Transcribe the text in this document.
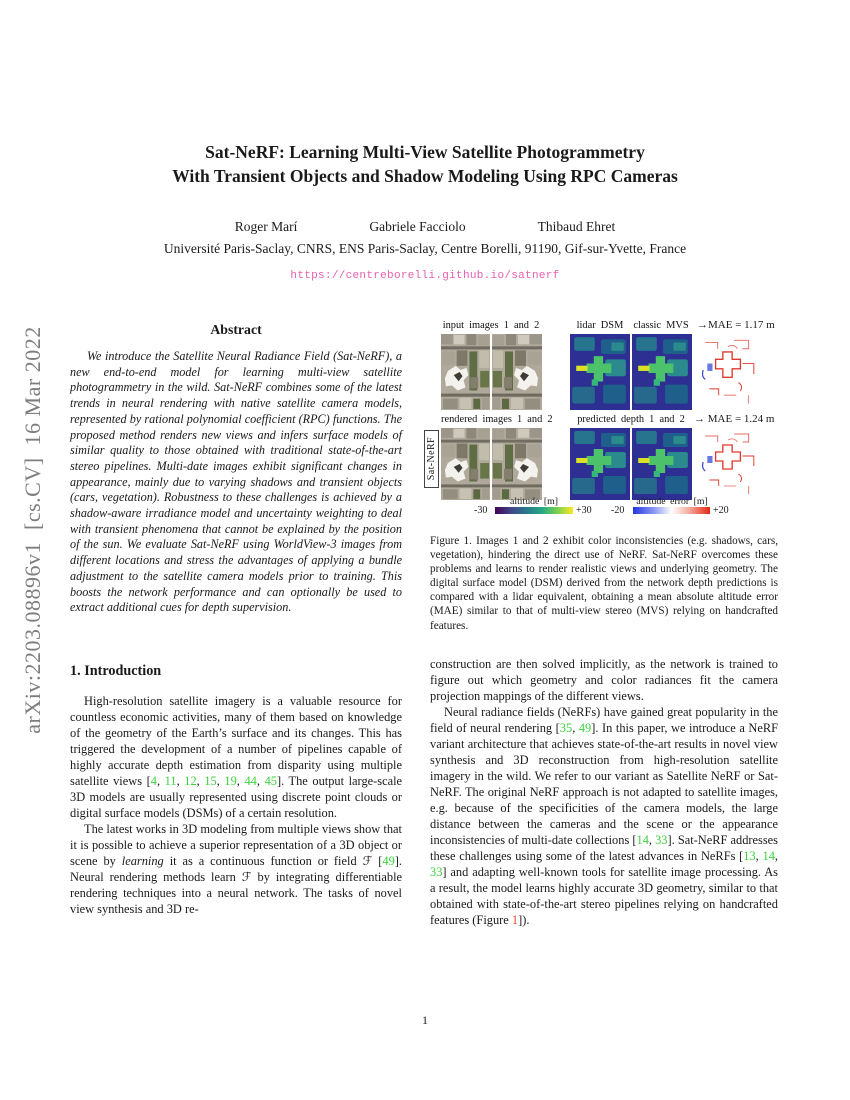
arXiv:2203.08896v1  [cs.CV]  16 Mar 2022
Sat-NeRF: Learning Multi-View Satellite Photogrammetry
With Transient Objects and Shadow Modeling Using RPC Cameras
Roger Marí	Gabriele Facciolo	Thibaud Ehret
Université Paris-Saclay, CNRS, ENS Paris-Saclay, Centre Borelli, 91190, Gif-sur-Yvette, France
https://centreborelli.github.io/satnerf
Abstract

We introduce the Satellite Neural Radiance Field (Sat-NeRF), a new end-to-end model for learning multi-view satellite photogrammetry in the wild. Sat-NeRF combines some of the latest trends in neural rendering with native satellite camera models, represented by rational polynomial coefficient (RPC) functions. The proposed method renders new views and infers surface models of similar quality to those obtained with traditional state-of-the-art stereo pipelines. Multi-date images exhibit significant changes in appearance, mainly due to varying shadows and transient objects (cars, vegetation). Robustness to these challenges is achieved by a shadow-aware irradiance model and uncertainty weighting to deal with transient phenomena that cannot be explained by the position of the sun. We evaluate Sat-NeRF using WorldView-3 images from different locations and stress the advantages of applying a bundle adjustment to the satellite camera models prior to training. This boosts the network performance and can optionally be used to extract additional cues for depth supervision.

1. Introduction

High-resolution satellite imagery is a valuable resource for countless economic activities, many of them based on knowledge of the geometry of the Earth’s surface and its changes. This has triggered the development of a number of pipelines capable of highly accurate depth estimation from disparity using multiple satellite views [4, 11, 12, 15, 19, 44, 45]. The output large-scale 3D models are usually represented using discrete point clouds or digital surface models (DSMs) of a certain resolution.

The latest works in 3D modeling from multiple views show that it is possible to achieve a superior representation of a 3D object or scene by learning it as a continuous function or field ℱ [49]. Neural rendering methods learn ℱ by integrating differentiable rendering techniques into a neural network. The tasks of novel view synthesis and 3D re-

input images 1 and 2	lidar DSM classic MVS →MAE = 1.17 m
rendered images 1 and 2	predicted depth 1 and 2 → MAE = 1.24 m
Sat-NeRF
altitude [m]
-30	+30
altitude error [m]
-20	+20

Figure 1. Images 1 and 2 exhibit color inconsistencies (e.g. shadows, cars, vegetation), hindering the direct use of NeRF. Sat-NeRF overcomes these problems and learns to render realistic views and underlying geometry. The digital surface model (DSM) derived from the network depth predictions is compared with a lidar equivalent, obtaining a mean absolute altitude error (MAE) similar to that of multi-view stereo (MVS) relying on handcrafted features.

construction are then solved implicitly, as the network is trained to figure out which geometry and color radiances fit the camera projection mappings of the different views.

Neural radiance fields (NeRFs) have gained great popularity in the field of neural rendering [35, 49]. In this paper, we introduce a NeRF variant architecture that achieves state-of-the-art results in novel view synthesis and 3D reconstruction from high-resolution satellite imagery in the wild. We refer to our variant as Satellite NeRF or Sat-NeRF. The original NeRF approach is not adapted to satellite images, e.g. because of the specificities of the camera models, the large distance between the cameras and the scene or the appearance inconsistencies of multi-date collections [14, 33]. Sat-NeRF addresses these challenges using some of the latest advances in NeRFs [13, 14, 33] and adapting well-known tools for satellite image processing. As a result, the model learns highly accurate 3D geometry, similar to that obtained with state-of-the-art stereo pipelines relying on handcrafted features (Figure 1]).

1
